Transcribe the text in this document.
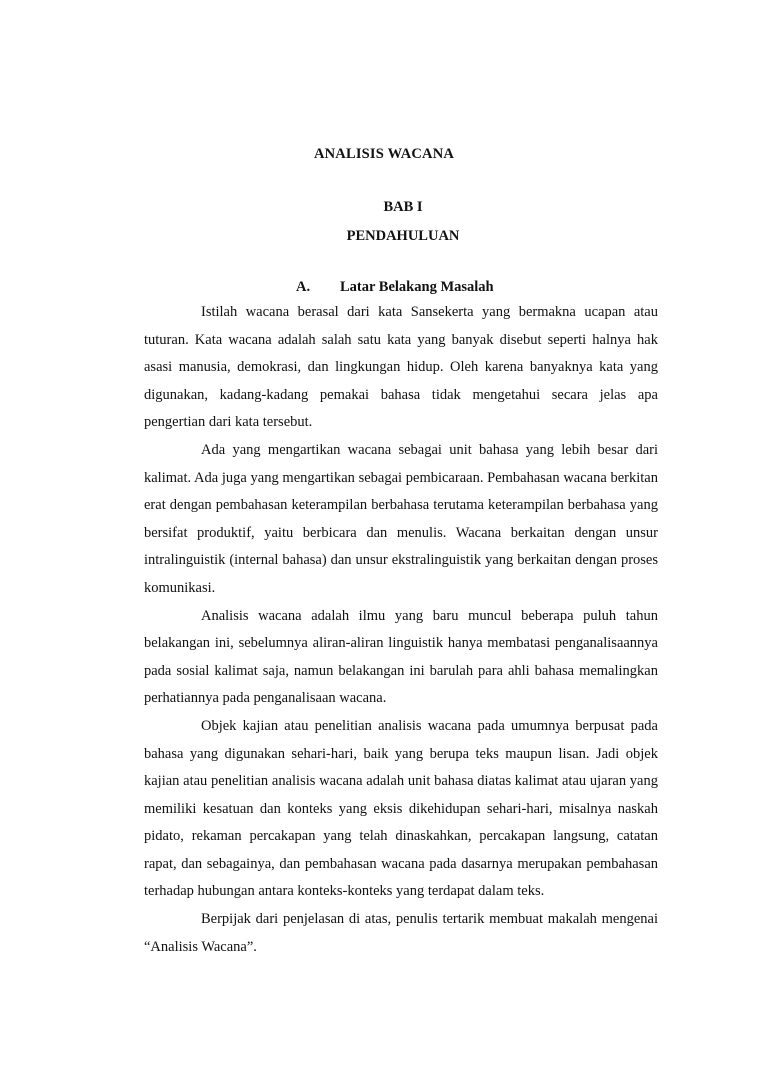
ANALISIS WACANA
BAB I
PENDAHULUAN
A. Latar Belakang Masalah

Istilah wacana berasal dari kata Sansekerta yang bermakna ucapan atau tuturan. Kata wacana adalah salah satu kata yang banyak disebut seperti halnya hak asasi manusia, demokrasi, dan lingkungan hidup. Oleh karena banyaknya kata yang digunakan, kadang-kadang pemakai bahasa tidak mengetahui secara jelas apa pengertian dari kata tersebut.

Ada yang mengartikan wacana sebagai unit bahasa yang lebih besar dari kalimat. Ada juga yang mengartikan sebagai pembicaraan. Pembahasan wacana berkitan erat dengan pembahasan keterampilan berbahasa terutama keterampilan berbahasa yang bersifat produktif, yaitu berbicara dan menulis. Wacana berkaitan dengan unsur intralinguistik (internal bahasa) dan unsur ekstralinguistik yang berkaitan dengan proses komunikasi.

Analisis wacana adalah ilmu yang baru muncul beberapa puluh tahun belakangan ini, sebelumnya aliran-aliran linguistik hanya membatasi penganalisaannya pada sosial kalimat saja, namun belakangan ini barulah para ahli bahasa memalingkan perhatiannya pada penganalisaan wacana.

Objek kajian atau penelitian analisis wacana pada umumnya berpusat pada bahasa yang digunakan sehari-hari, baik yang berupa teks maupun lisan. Jadi objek kajian atau penelitian analisis wacana adalah unit bahasa diatas kalimat atau ujaran yang memiliki kesatuan dan konteks yang eksis dikehidupan sehari-hari, misalnya naskah pidato, rekaman percakapan yang telah dinaskahkan, percakapan langsung, catatan rapat, dan sebagainya, dan pembahasan wacana pada dasarnya merupakan pembahasan terhadap hubungan antara konteks-konteks yang terdapat dalam teks.

Berpijak dari penjelasan di atas, penulis tertarik membuat makalah mengenai “Analisis Wacana”.
